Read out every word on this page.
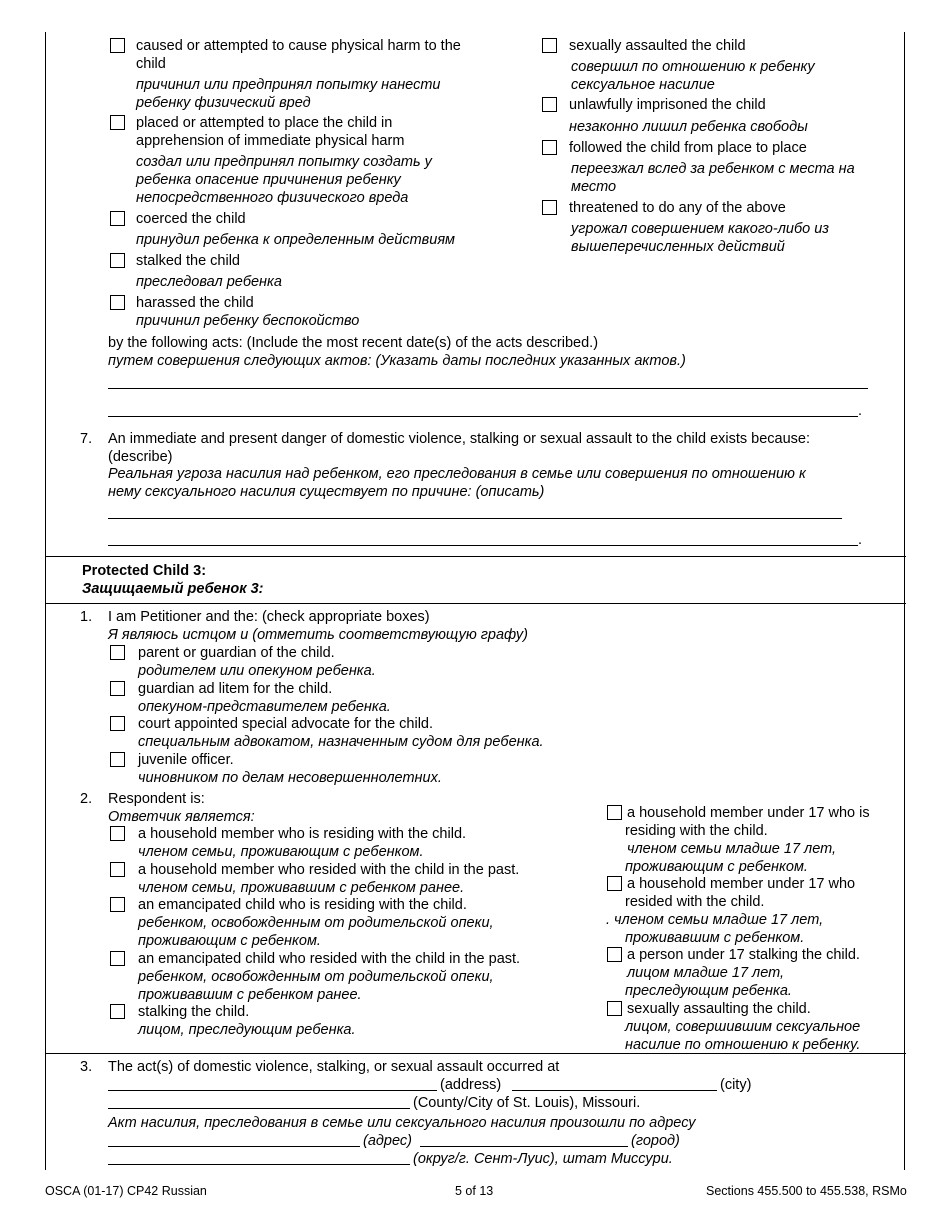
caused or attempted to cause physical harm to the
child
причинил или предпринял попытку нанести
ребенку физический вред
placed or attempted to place the child in
apprehension of immediate physical harm
создал или предпринял попытку создать у
ребенка опасение причинения ребенку
непосредственного физического вреда
coerced the child
принудил ребенка к определенным действиям
stalked the child
преследовал ребенка
harassed the child
причинил ребенку беспокойство
sexually assaulted the child
совершил по отношению к ребенку
сексуальное насилие
unlawfully imprisoned the child
незаконно лишил ребенка свободы
followed the child from place to place
переезжал вслед за ребенком с места на
место
threatened to do any of the above
угрожал совершением какого-либо из
вышеперечисленных действий
by the following acts: (Include the most recent date(s) of the acts described.)
путем совершения следующих актов: (Указать даты последних указанных актов.)
.
7. An immediate and present danger of domestic violence, stalking or sexual assault to the child exists because:
(describe)
Реальная угроза насилия над ребенком, его преследования в семье или совершения по отношению к
нему сексуального насилия существует по причине: (описать)
.
Protected Child 3:
Защищаемый ребенок 3:
1. I am Petitioner and the: (check appropriate boxes)
Я являюсь истцом и (отметить соответствующую графу)
parent or guardian of the child.
родителем или опекуном ребенка.
guardian ad litem for the child.
опекуном-представителем ребенка.
court appointed special advocate for the child.
специальным адвокатом, назначенным судом для ребенка.
juvenile officer.
чиновником по делам несовершеннолетних.
2. Respondent is:
Ответчик является:
a household member who is residing with the child.
членом семьи, проживающим с ребенком.
a household member who resided with the child in the past.
членом семьи, проживавшим с ребенком ранее.
an emancipated child who is residing with the child.
ребенком, освобожденным от родительской опеки,
проживающим с ребенком.
an emancipated child who resided with the child in the past.
ребенком, освобожденным от родительской опеки,
проживавшим с ребенком ранее.
stalking the child.
лицом, преследующим ребенка.
a household member under 17 who is
residing with the child.
членом семьи младше 17 лет,
проживающим с ребенком.
a household member under 17 who
resided with the child.
. членом семьи младше 17 лет,
проживавшим с ребенком.
a person under 17 stalking the child.
лицом младше 17 лет,
преследующим ребенка.
sexually assaulting the child.
лицом, совершившим сексуальное
насилие по отношению к ребенку.
3. The act(s) of domestic violence, stalking, or sexual assault occurred at
(address)	(city)
(County/City of St. Louis), Missouri.
Акт насилия, преследования в семье или сексуального насилия произошли по адресу
(адрес)	(город)
(округ/г. Сент-Луис), штат Миссури.
OSCA (01-17) CP42 Russian	5 of 13	Sections 455.500 to 455.538, RSMo
